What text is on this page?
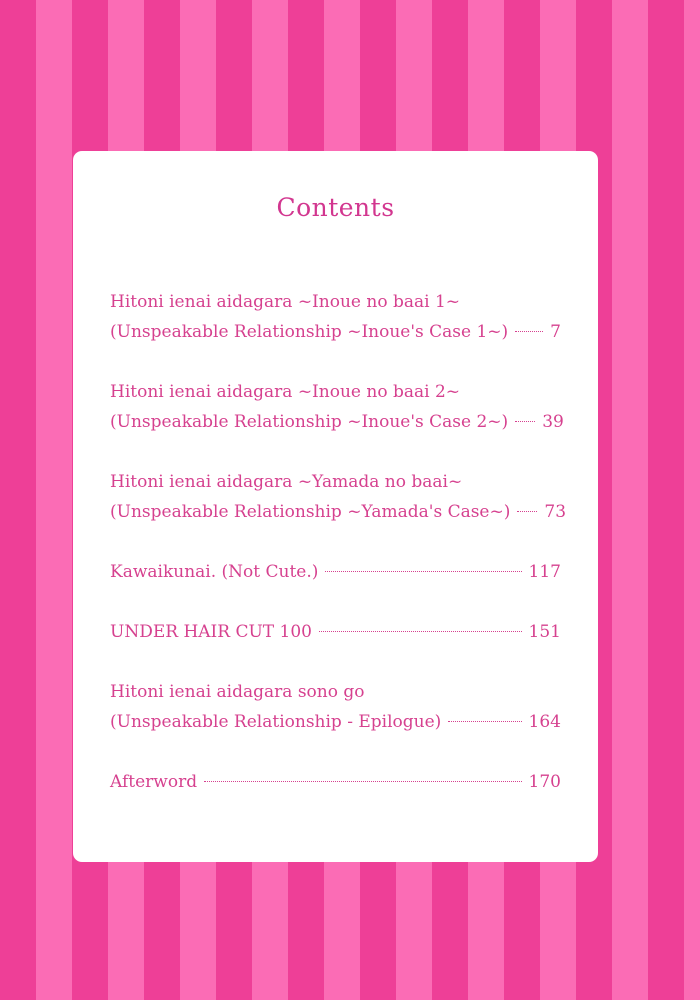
Contents
Hitoni ienai aidagara ~Inoue no baai 1~
(Unspeakable Relationship ~Inoue's Case 1~) 7
Hitoni ienai aidagara ~Inoue no baai 2~
(Unspeakable Relationship ~Inoue's Case 2~) 39
Hitoni ienai aidagara ~Yamada no baai~
(Unspeakable Relationship ~Yamada's Case~) 73
Kawaikunai. (Not Cute.)	117
UNDER HAIR CUT 100	151
Hitoni ienai aidagara sono go
(Unspeakable Relationship - Epilogue)	164
Afterword	170
